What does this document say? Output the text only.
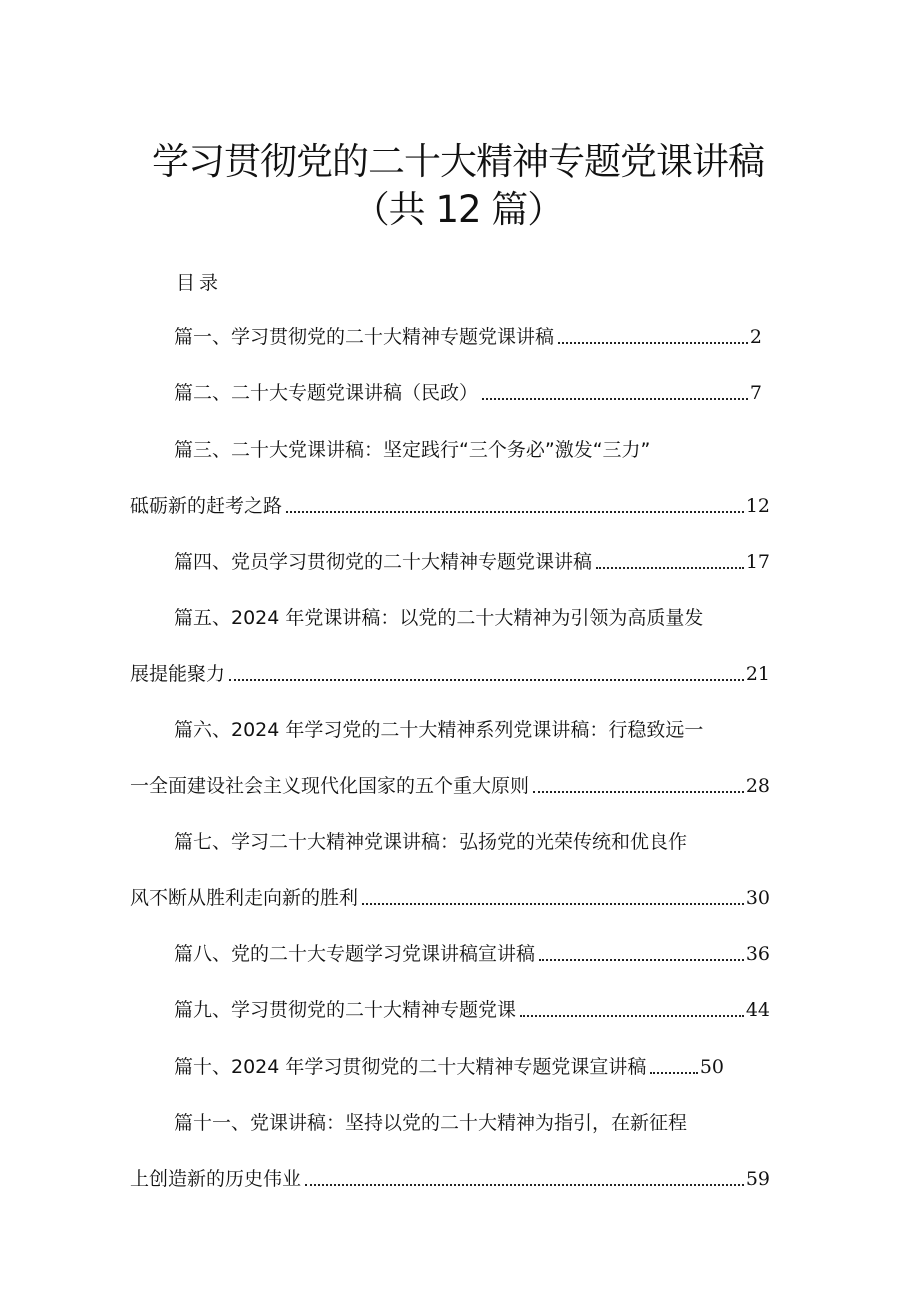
学习贯彻党的二十大精神专题党课讲稿（共 12 篇）
目录
篇一、学习贯彻党的二十大精神专题党课讲稿	2
篇二、二十大专题党课讲稿（民政）	7
篇三、二十大党课讲稿：坚定践行“三个务必”激发“三力”
砥砺新的赶考之路	12
篇四、党员学习贯彻党的二十大精神专题党课讲稿	17
篇五、2024 年党课讲稿：以党的二十大精神为引领为高质量发
展提能聚力	21
篇六、2024 年学习党的二十大精神系列党课讲稿：行稳致远一
一全面建设社会主义现代化国家的五个重大原则	28
篇七、学习二十大精神党课讲稿：弘扬党的光荣传统和优良作
风不断从胜利走向新的胜利	30
篇八、党的二十大专题学习党课讲稿宣讲稿	36
篇九、学习贯彻党的二十大精神专题党课	44
篇十、2024 年学习贯彻党的二十大精神专题党课宣讲稿	50
篇十一、党课讲稿：坚持以党的二十大精神为指引，在新征程
上创造新的历史伟业	59
